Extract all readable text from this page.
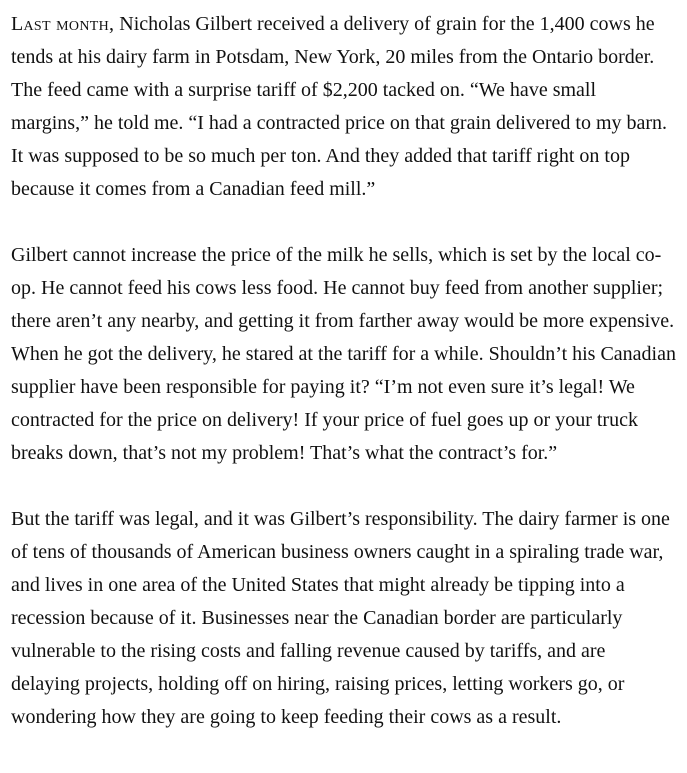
Last month, Nicholas Gilbert received a delivery of grain for the 1,400 cows he tends at his dairy farm in Potsdam, New York, 20 miles from the Ontario border. The feed came with a surprise tariff of $2,200 tacked on. “We have small margins,” he told me. “I had a contracted price on that grain delivered to my barn. It was supposed to be so much per ton. And they added that tariff right on top because it comes from a Canadian feed mill.”

Gilbert cannot increase the price of the milk he sells, which is set by the local co-op. He cannot feed his cows less food. He cannot buy feed from another supplier; there aren’t any nearby, and getting it from farther away would be more expensive. When he got the delivery, he stared at the tariff for a while. Shouldn’t his Canadian supplier have been responsible for paying it? “I’m not even sure it’s legal! We contracted for the price on delivery! If your price of fuel goes up or your truck breaks down, that’s not my problem! That’s what the contract’s for.”

But the tariff was legal, and it was Gilbert’s responsibility. The dairy farmer is one of tens of thousands of American business owners caught in a spiraling trade war, and lives in one area of the United States that might already be tipping into a recession because of it. Businesses near the Canadian border are particularly vulnerable to the rising costs and falling revenue caused by tariffs, and are delaying projects, holding off on hiring, raising prices, letting workers go, or wondering how they are going to keep feeding their cows as a result.
